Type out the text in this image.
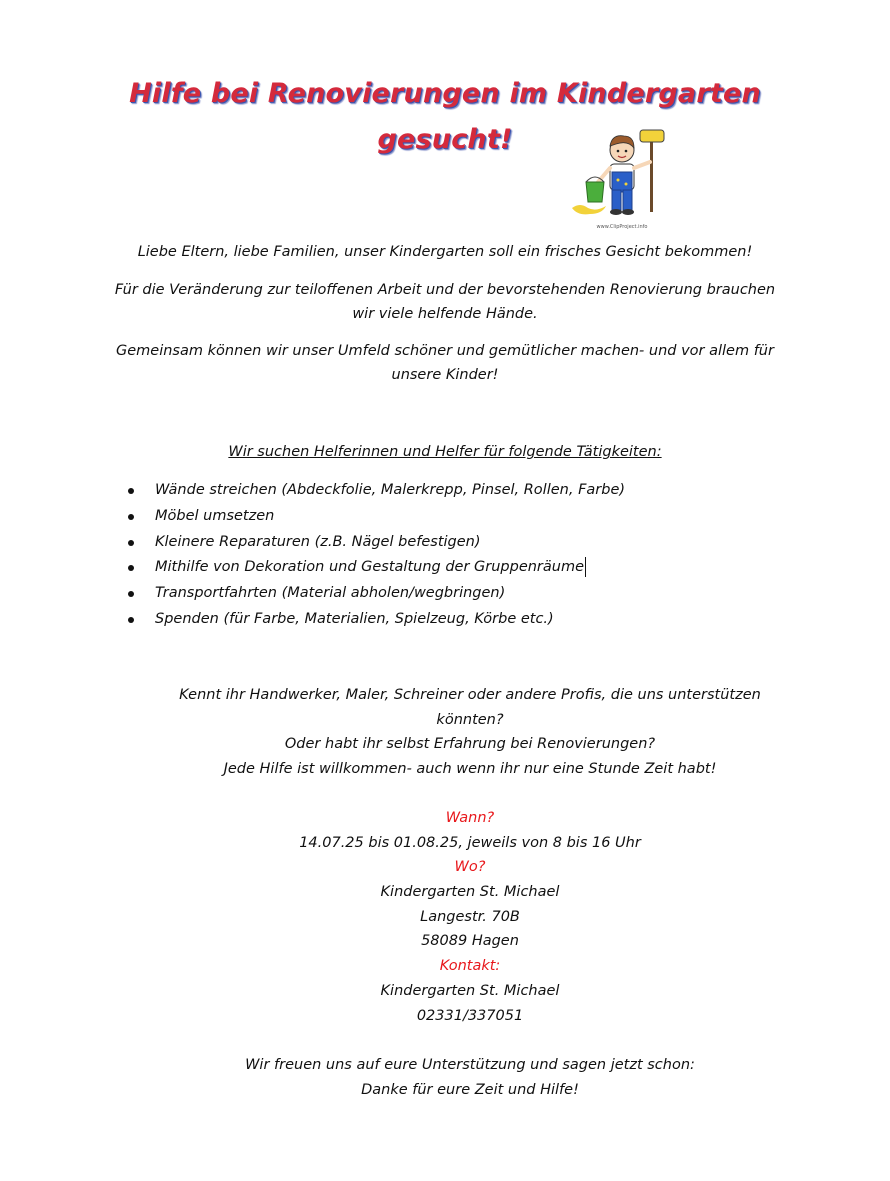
Hilfe bei Renovierungen im Kindergarten
gesucht!
www.ClipProject.info
Liebe Eltern, liebe Familien, unser Kindergarten soll ein frisches Gesicht bekommen!
Für die Veränderung zur teiloffenen Arbeit und der bevorstehenden Renovierung brauchen
wir viele helfende Hände.
Gemeinsam können wir unser Umfeld schöner und gemütlicher machen- und vor allem für
unsere Kinder!
Wir suchen Helferinnen und Helfer für folgende Tätigkeiten:
Wände streichen (Abdeckfolie, Malerkrepp, Pinsel, Rollen, Farbe)
Möbel umsetzen
Kleinere Reparaturen (z.B. Nägel befestigen)
Mithilfe von Dekoration und Gestaltung der Gruppenräume
Transportfahrten (Material abholen/wegbringen)
Spenden (für Farbe, Materialien, Spielzeug, Körbe etc.)
Kennt ihr Handwerker, Maler, Schreiner oder andere Profis, die uns unterstützen
könnten?
Oder habt ihr selbst Erfahrung bei Renovierungen?
Jede Hilfe ist willkommen- auch wenn ihr nur eine Stunde Zeit habt!
Wann?
14.07.25 bis 01.08.25, jeweils von 8 bis 16 Uhr
Wo?
Kindergarten St. Michael
Langestr. 70B
58089 Hagen
Kontakt:
Kindergarten St. Michael
02331/337051
Wir freuen uns auf eure Unterstützung und sagen jetzt schon:
Danke für eure Zeit und Hilfe!
